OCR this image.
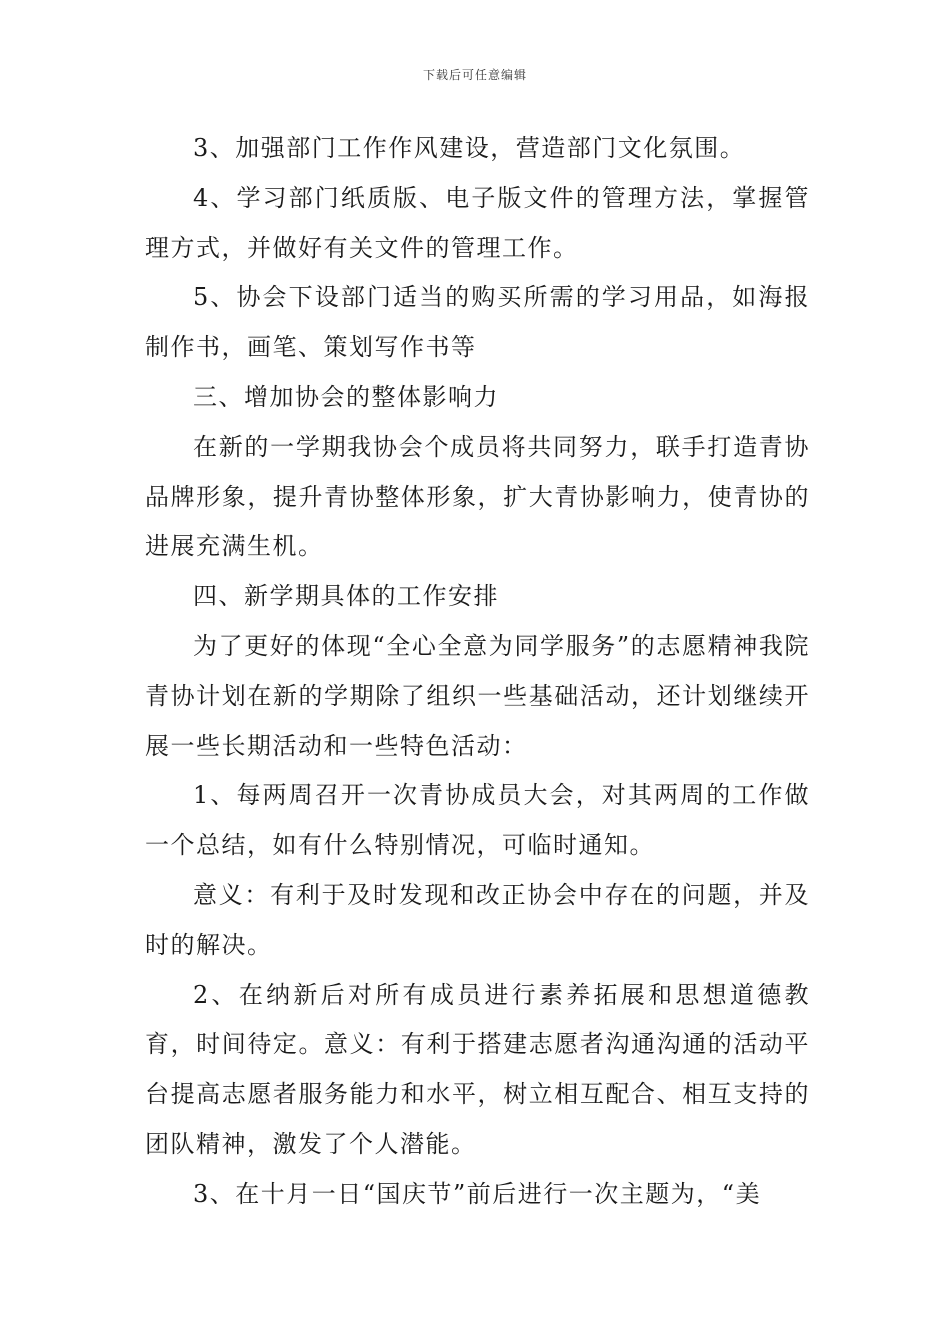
下载后可任意编辑

3、加强部门工作作风建设，营造部门文化氛围。

4、学习部门纸质版、电子版文件的管理方法，掌握管理方式，并做好有关文件的管理工作。

5、协会下设部门适当的购买所需的学习用品，如海报制作书，画笔、策划写作书等

三、增加协会的整体影响力

在新的一学期我协会个成员将共同努力，联手打造青协品牌形象，提升青协整体形象，扩大青协影响力，使青协的进展充满生机。

四、新学期具体的工作安排

为了更好的体现“全心全意为同学服务”的志愿精神我院青协计划在新的学期除了组织一些基础活动，还计划继续开展一些长期活动和一些特色活动：

1、每两周召开一次青协成员大会，对其两周的工作做一个总结，如有什么特别情况，可临时通知。

意义：有利于及时发现和改正协会中存在的问题，并及时的解决。

2、在纳新后对所有成员进行素养拓展和思想道德教育，时间待定。意义：有利于搭建志愿者沟通沟通的活动平台提高志愿者服务能力和水平，树立相互配合、相互支持的团队精神，激发了个人潜能。

3、在十月一日“国庆节”前后进行一次主题为，“美
